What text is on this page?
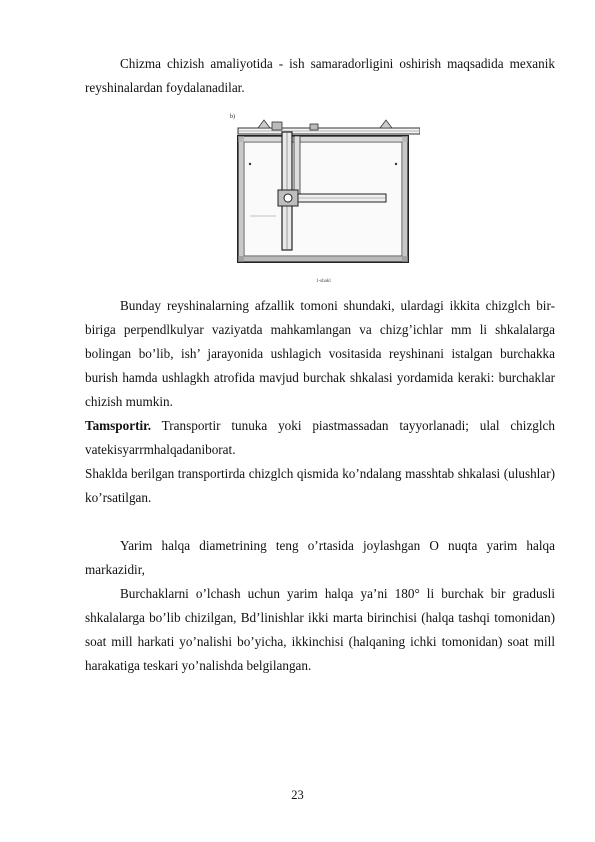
Chizma chizish amaliyotida - ish samaradorligini oshirish maqsadida mexanik reyshinalardan foydalanadilar.

b)
1-shakl

Bunday reyshinalarning afzallik tomoni shundaki, ulardagi ikkita chizglch bir-biriga perpendlkulyar vaziyatda mahkamlangan va chizg’ichlar mm li shkalalarga bolingan bo’lib, ish’ jarayonida ushlagich vositasida reyshinani istalgan burchakka burish hamda ushlagkh atrofida mavjud burchak shkalasi yordamida keraki: burchaklar chizish mumkin.

Tamsportir. Transportir tunuka yoki piastmassadan tayyorlanadi; ulal chizglch vatekisyarrmhalqadaniborat.

Shaklda berilgan transportirda chizglch qismida ko’ndalang masshtab shkalasi (ulushlar) ko’rsatilgan.

Yarim halqa diametrining teng o’rtasida joylashgan O nuqta yarim halqa markazidir,

Burchaklarni o’lchash uchun yarim halqa ya’ni 180° li burchak bir gradusli shkalalarga bo’lib chizilgan, Bd’linishlar ikki marta birinchisi (halqa tashqi tomonidan) soat mill harkati yo’nalishi bo’yicha, ikkinchisi (halqaning ichki tomonidan) soat mill harakatiga teskari yo’nalishda belgilangan.

23
